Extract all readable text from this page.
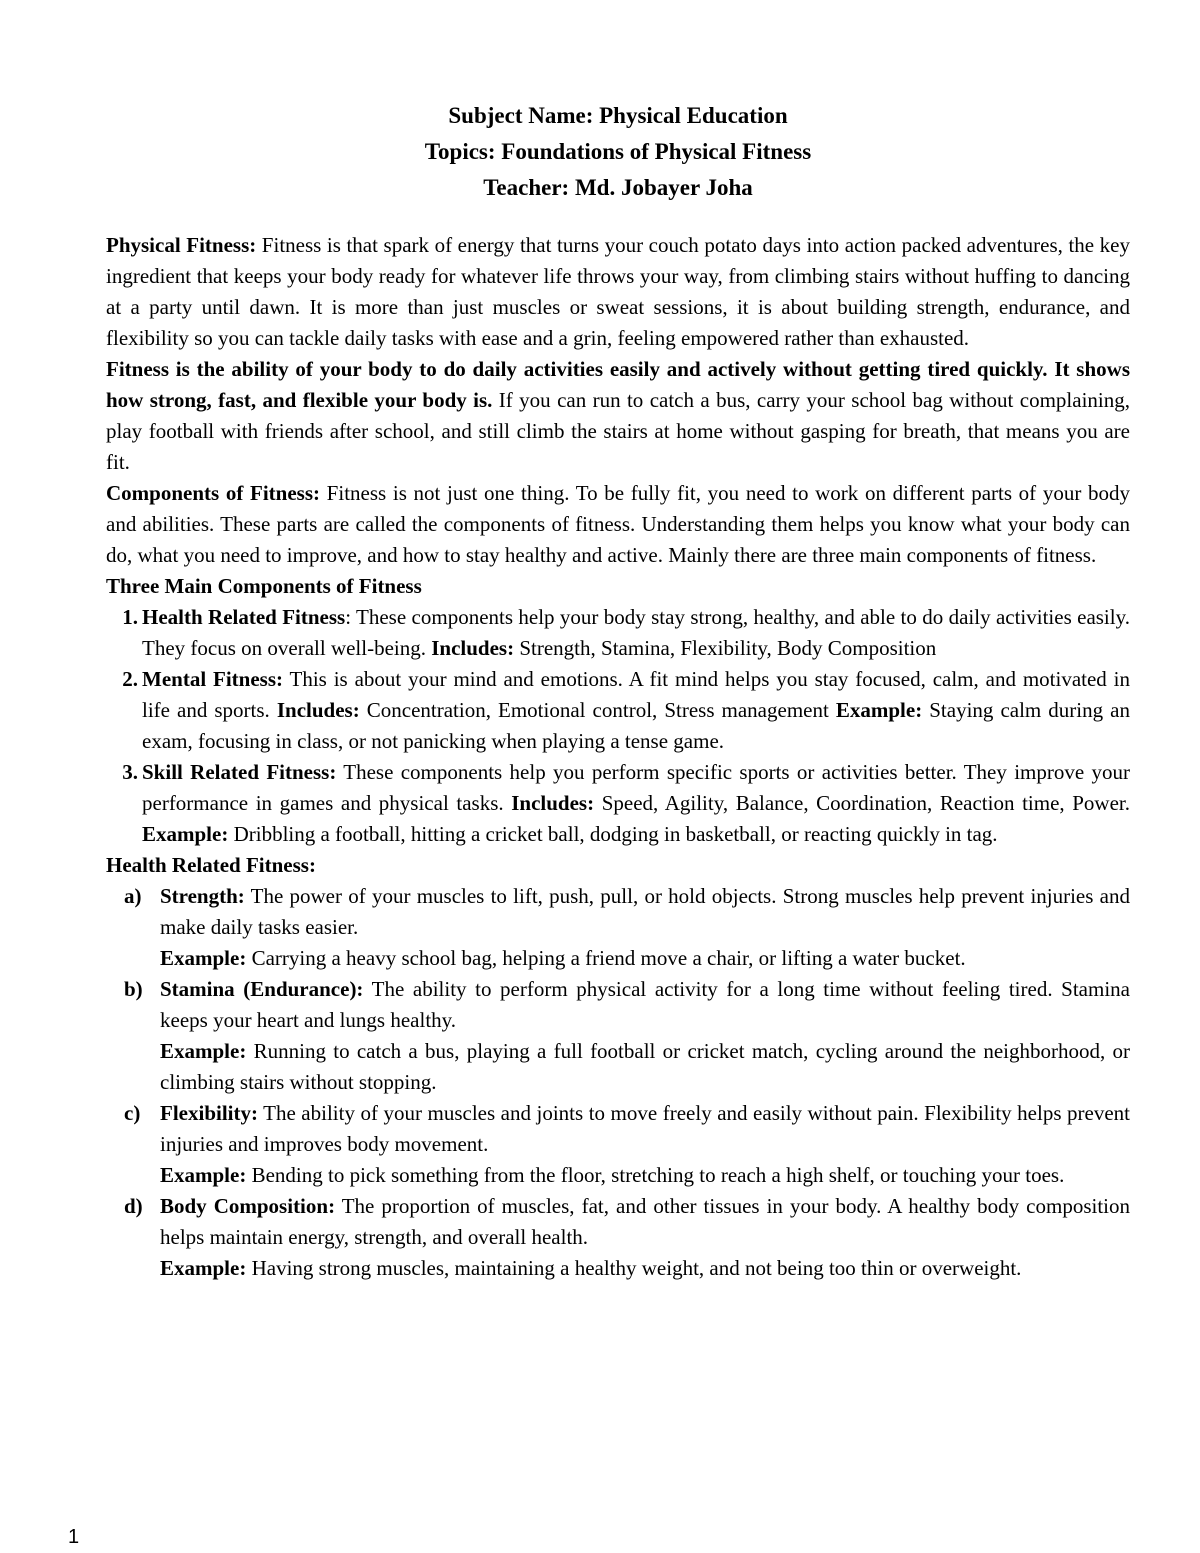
Subject Name: Physical Education
Topics: Foundations of Physical Fitness
Teacher: Md. Jobayer Joha

Physical Fitness: Fitness is that spark of energy that turns your couch potato days into action packed adventures, the key ingredient that keeps your body ready for whatever life throws your way, from climbing stairs without huffing to dancing at a party until dawn. It is more than just muscles or sweat sessions, it is about building strength, endurance, and flexibility so you can tackle daily tasks with ease and a grin, feeling empowered rather than exhausted.

Fitness is the ability of your body to do daily activities easily and actively without getting tired quickly. It shows how strong, fast, and flexible your body is. If you can run to catch a bus, carry your school bag without complaining, play football with friends after school, and still climb the stairs at home without gasping for breath, that means you are fit.

Components of Fitness: Fitness is not just one thing. To be fully fit, you need to work on different parts of your body and abilities. These parts are called the components of fitness. Understanding them helps you know what your body can do, what you need to improve, and how to stay healthy and active. Mainly there are three main components of fitness.

Three Main Components of Fitness
1. Health Related Fitness: These components help your body stay strong, healthy, and able to do daily activities easily. They focus on overall well-being. Includes: Strength, Stamina, Flexibility, Body Composition
2. Mental Fitness: This is about your mind and emotions. A fit mind helps you stay focused, calm, and motivated in life and sports. Includes: Concentration, Emotional control, Stress management Example: Staying calm during an exam, focusing in class, or not panicking when playing a tense game.
3. Skill Related Fitness: These components help you perform specific sports or activities better. They improve your performance in games and physical tasks. Includes: Speed, Agility, Balance, Coordination, Reaction time, Power. Example: Dribbling a football, hitting a cricket ball, dodging in basketball, or reacting quickly in tag.
Health Related Fitness:
a) Strength: The power of your muscles to lift, push, pull, or hold objects. Strong muscles help prevent injuries and make daily tasks easier.
Example: Carrying a heavy school bag, helping a friend move a chair, or lifting a water bucket.
b) Stamina (Endurance): The ability to perform physical activity for a long time without feeling tired. Stamina keeps your heart and lungs healthy.
Example: Running to catch a bus, playing a full football or cricket match, cycling around the neighborhood, or climbing stairs without stopping.
c) Flexibility: The ability of your muscles and joints to move freely and easily without pain. Flexibility helps prevent injuries and improves body movement.
Example: Bending to pick something from the floor, stretching to reach a high shelf, or touching your toes.
d) Body Composition: The proportion of muscles, fat, and other tissues in your body. A healthy body composition helps maintain energy, strength, and overall health.
Example: Having strong muscles, maintaining a healthy weight, and not being too thin or overweight.
1
